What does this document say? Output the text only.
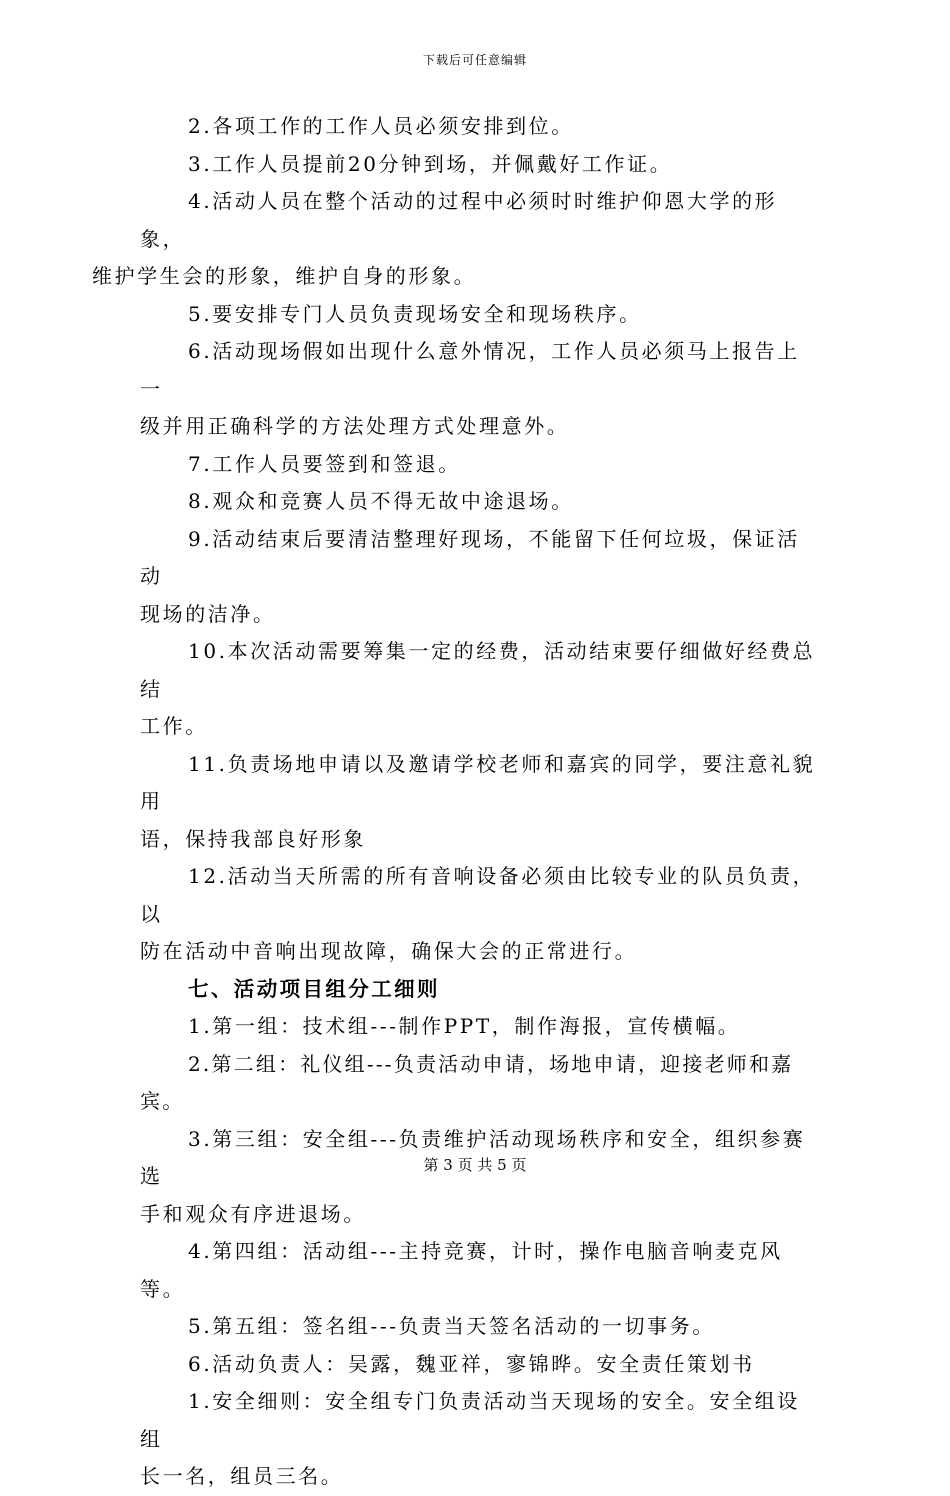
下载后可任意编辑

2.各项工作的工作人员必须安排到位。

3.工作人员提前20分钟到场，并佩戴好工作证。

4.活动人员在整个活动的过程中必须时时维护仰恩大学的形象，
维护学生会的形象，维护自身的形象。

5.要安排专门人员负责现场安全和现场秩序。

6.活动现场假如出现什么意外情况，工作人员必须马上报告上一
级并用正确科学的方法处理方式处理意外。

7.工作人员要签到和签退。

8.观众和竞赛人员不得无故中途退场。

9.活动结束后要清洁整理好现场，不能留下任何垃圾，保证活动
现场的洁净。

10.本次活动需要筹集一定的经费，活动结束要仔细做好经费总结
工作。

11.负责场地申请以及邀请学校老师和嘉宾的同学，要注意礼貌用
语，保持我部良好形象

12.活动当天所需的所有音响设备必须由比较专业的队员负责，以
防在活动中音响出现故障，确保大会的正常进行。

七、活动项目组分工细则

1.第一组：技术组---制作PPT，制作海报，宣传横幅。

2.第二组：礼仪组---负责活动申请，场地申请，迎接老师和嘉宾。

3.第三组：安全组---负责维护活动现场秩序和安全，组织参赛选
手和观众有序进退场。

4.第四组：活动组---主持竞赛，计时，操作电脑音响麦克风等。

5.第五组：签名组---负责当天签名活动的一切事务。

6.活动负责人：吴露，魏亚祥，寥锦晔。安全责任策划书

1.安全细则：安全组专门负责活动当天现场的安全。安全组设组
长一名，组员三名。

第 3 页 共 5 页
